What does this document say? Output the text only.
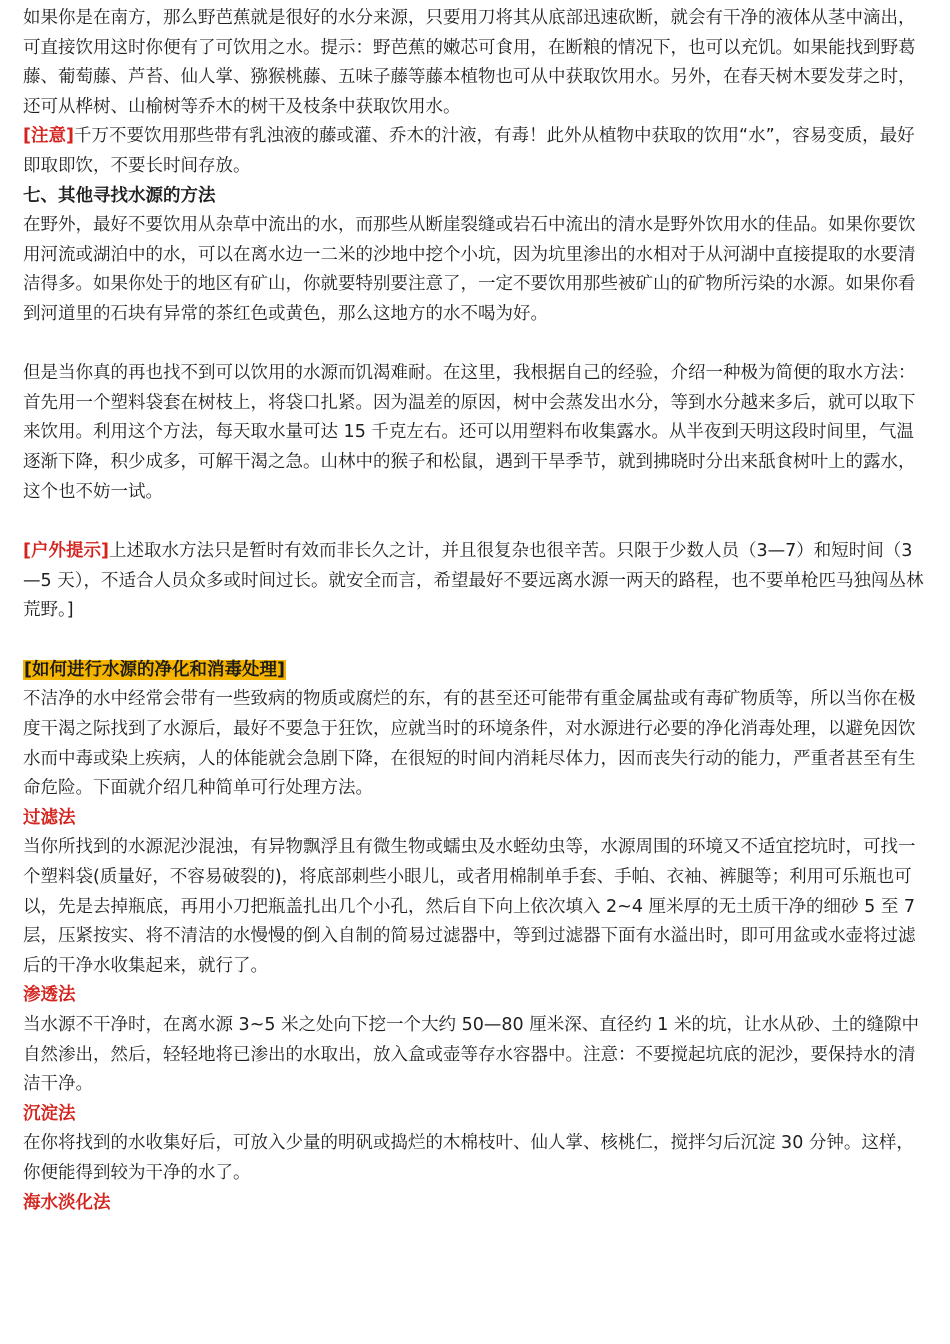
如果你是在南方，那么野芭蕉就是很好的水分来源，只要用刀将其从底部迅速砍断，就会有干净的液体从茎中滴出，可直接饮用这时你便有了可饮用之水。提示：野芭蕉的嫩芯可食用，在断粮的情况下，也可以充饥。如果能找到野葛藤、葡萄藤、芦苔、仙人掌、猕猴桃藤、五味子藤等藤本植物也可从中获取饮用水。另外，在春天树木要发芽之时，还可从桦树、山榆树等乔木的树干及枝条中获取饮用水。

[注意]千万不要饮用那些带有乳浊液的藤或灌、乔木的汁液，有毒！此外从植物中获取的饮用“水”，容易变质，最好即取即饮，不要长时间存放。

七、其他寻找水源的方法

在野外，最好不要饮用从杂草中流出的水，而那些从断崖裂缝或岩石中流出的清水是野外饮用水的佳品。如果你要饮用河流或湖泊中的水，可以在离水边一二米的沙地中挖个小坑，因为坑里渗出的水相对于从河湖中直接提取的水要清洁得多。如果你处于的地区有矿山，你就要特别要注意了，一定不要饮用那些被矿山的矿物所污染的水源。如果你看到河道里的石块有异常的茶红色或黄色，那么这地方的水不喝为好。

但是当你真的再也找不到可以饮用的水源而饥渴难耐。在这里，我根据自己的经验，介绍一种极为简便的取水方法：首先用一个塑料袋套在树枝上，将袋口扎紧。因为温差的原因，树中会蒸发出水分，等到水分越来多后，就可以取下来饮用。利用这个方法，每天取水量可达 15 千克左右。还可以用塑料布收集露水。从半夜到天明这段时间里，气温逐渐下降，积少成多，可解干渴之急。山林中的猴子和松鼠，遇到干旱季节，就到拂晓时分出来舐食树叶上的露水，这个也不妨一试。

[户外提示]上述取水方法只是暂时有效而非长久之计，并且很复杂也很辛苦。只限于少数人员（3—7）和短时间（3—5 天），不适合人员众多或时间过长。就安全而言，希望最好不要远离水源一两天的路程，也不要单枪匹马独闯丛林荒野。]

[如何进行水源的净化和消毒处理]

不洁净的水中经常会带有一些致病的物质或腐烂的东，有的甚至还可能带有重金属盐或有毒矿物质等，所以当你在极度干渴之际找到了水源后，最好不要急于狂饮，应就当时的环境条件，对水源进行必要的净化消毒处理，以避免因饮水而中毒或染上疾病，人的体能就会急剧下降，在很短的时间内消耗尽体力，因而丧失行动的能力，严重者甚至有生命危险。下面就介绍几种简单可行处理方法。

过滤法

当你所找到的水源泥沙混浊，有异物飘浮且有微生物或蠕虫及水蛭幼虫等，水源周围的环境又不适宜挖坑时，可找一个塑料袋(质量好，不容易破裂的)，将底部刺些小眼儿，或者用棉制单手套、手帕、衣袖、裤腿等；利用可乐瓶也可以，先是去掉瓶底，再用小刀把瓶盖扎出几个小孔，然后自下向上依次填入 2~4 厘米厚的无土质干净的细砂 5 至 7 层，压紧按实、将不清洁的水慢慢的倒入自制的简易过滤器中，等到过滤器下面有水溢出时，即可用盆或水壶将过滤后的干净水收集起来，就行了。

渗透法

当水源不干净时，在离水源 3~5 米之处向下挖一个大约 50—80 厘米深、直径约 1 米的坑，让水从砂、土的缝隙中自然渗出，然后，轻轻地将已渗出的水取出，放入盒或壶等存水容器中。注意：不要搅起坑底的泥沙，要保持水的清洁干净。

沉淀法

在你将找到的水收集好后，可放入少量的明矾或捣烂的木棉枝叶、仙人掌、核桃仁，搅拌匀后沉淀 30 分钟。这样，你便能得到较为干净的水了。

海水淡化法
